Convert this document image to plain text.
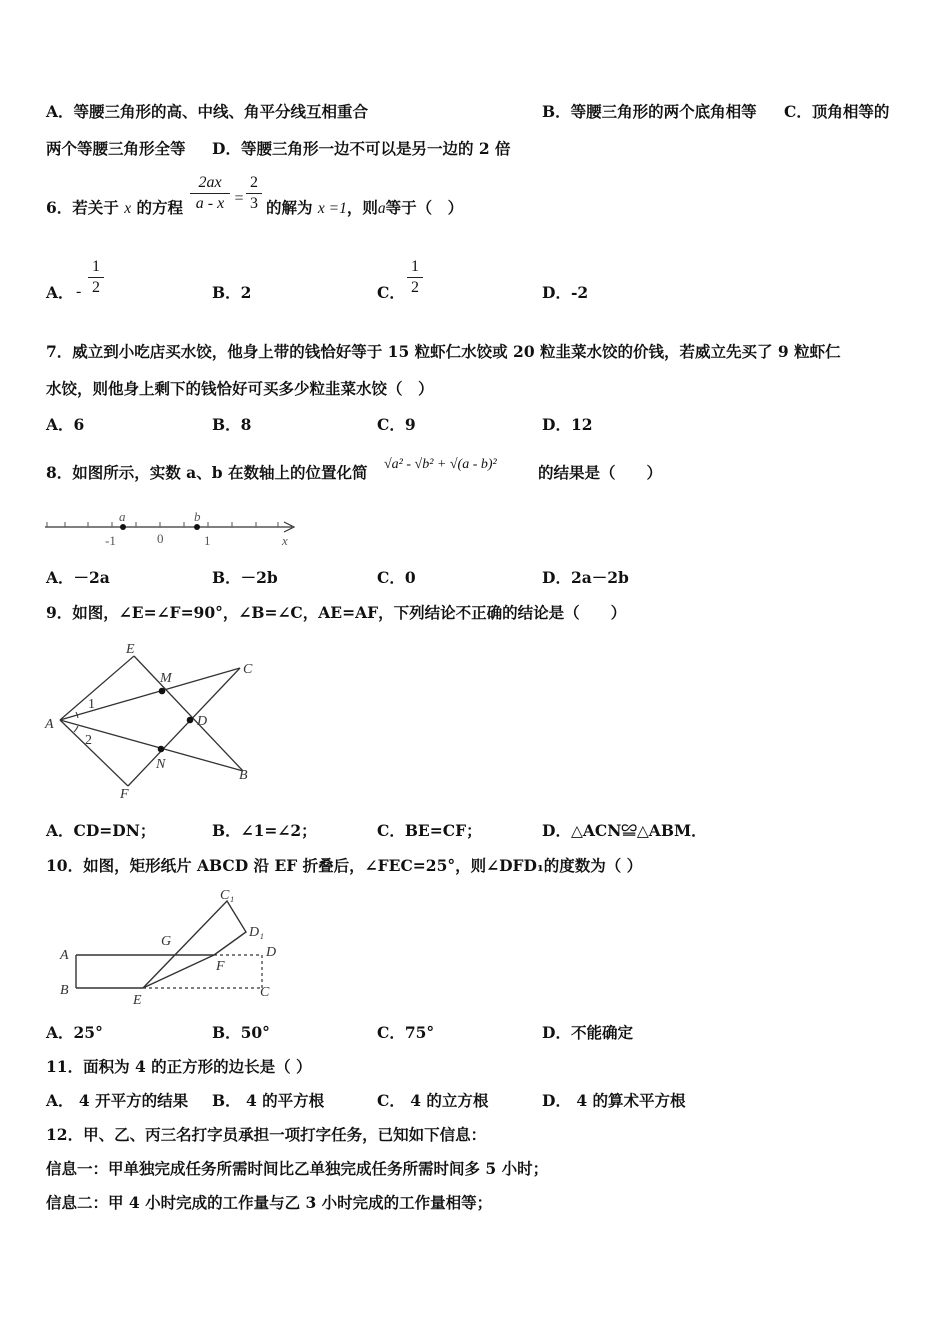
A．等腰三角形的高、中线、角平分线互相重合	B．等腰三角形的两个底角相等 C．顶角相等的
两个等腰三角形全等 D．等腰三角形一边不可以是另一边的 2 倍
6．若关于 x 的方程
2ax
a - x =
2
3 的解为 x =1，则a等于（　）
A． -
1
2	B．2	C．
1
2	D．-2
7．威立到小吃店买水饺，他身上带的钱恰好等于 15 粒虾仁水饺或 20 粒韭菜水饺的价钱，若威立先买了 9 粒虾仁
水饺，则他身上剩下的钱恰好可买多少粒韭菜水饺（　）
A．6	B．8	C．9	D．12
8．如图所示，实数 a、b 在数轴上的位置化简 √a² - √b² + √(a - b)²	的结果是（　　）
a	b
-1	0	1	x
A．－2a	B．－2b	C．0	D．2a－2b
9．如图，∠E=∠F=90°，∠B=∠C，AE=AF，下列结论不正确的结论是（　　）
E
M
C
A	D
N
B
F
1
2
A．CD=DN；	B．∠1=∠2；	C．BE=CF；	D．△ACN≌△ABM．
10．如图，矩形纸片 ABCD 沿 EF 折叠后，∠FEC=25°，则∠DFD₁的度数为（ ）
C₁
G
D₁
A	D
F
B
E
C
A．25°	B．50°	C．75°	D．不能确定
11．面积为 4 的正方形的边长是（ ）
A． 4 开平方的结果 B． 4 的平方根	C． 4 的立方根	D． 4 的算术平方根
12．甲、乙、丙三名打字员承担一项打字任务，已知如下信息：
信息一：甲单独完成任务所需时间比乙单独完成任务所需时间多 5 小时；
信息二：甲 4 小时完成的工作量与乙 3 小时完成的工作量相等；
